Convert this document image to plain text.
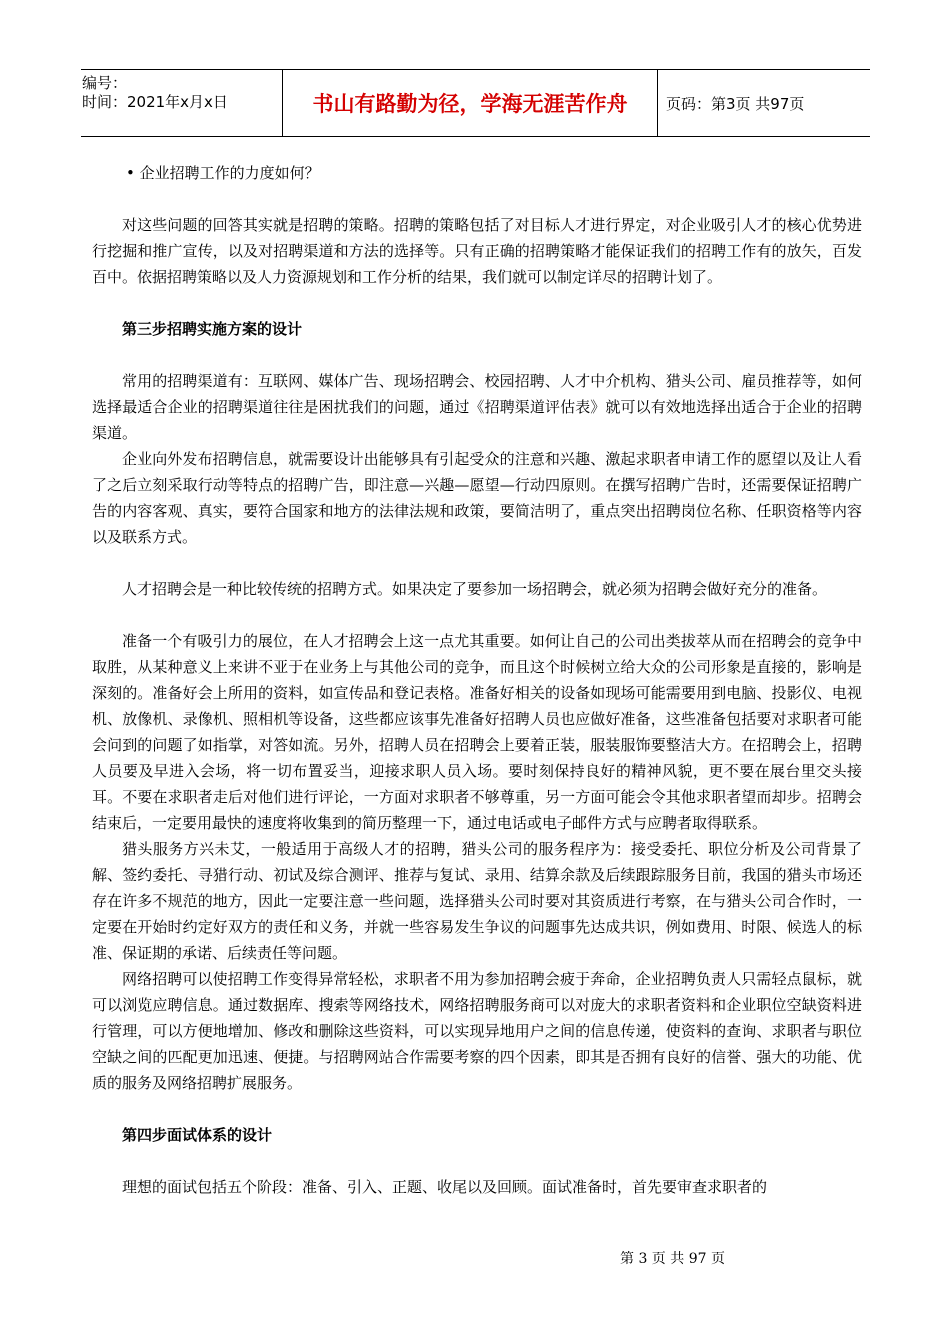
编号：
时间：2021年x月x日	书山有路勤为径，学海无涯苦作舟	页码：第3页 共97页

• 企业招聘工作的力度如何？

对这些问题的回答其实就是招聘的策略。招聘的策略包括了对目标人才进行界定，对企业吸引人才的核心优势进行挖掘和推广宣传，以及对招聘渠道和方法的选择等。只有正确的招聘策略才能保证我们的招聘工作有的放矢，百发百中。依据招聘策略以及人力资源规划和工作分析的结果，我们就可以制定详尽的招聘计划了。

第三步招聘实施方案的设计

常用的招聘渠道有：互联网、媒体广告、现场招聘会、校园招聘、人才中介机构、猎头公司、雇员推荐等，如何选择最适合企业的招聘渠道往往是困扰我们的问题，通过《招聘渠道评估表》就可以有效地选择出适合于企业的招聘渠道。

企业向外发布招聘信息，就需要设计出能够具有引起受众的注意和兴趣、激起求职者申请工作的愿望以及让人看了之后立刻采取行动等特点的招聘广告，即注意—兴趣—愿望—行动四原则。在撰写招聘广告时，还需要保证招聘广告的内容客观、真实，要符合国家和地方的法律法规和政策，要简洁明了，重点突出招聘岗位名称、任职资格等内容以及联系方式。

人才招聘会是一种比较传统的招聘方式。如果决定了要参加一场招聘会，就必须为招聘会做好充分的准备。

准备一个有吸引力的展位，在人才招聘会上这一点尤其重要。如何让自己的公司出类拔萃从而在招聘会的竞争中取胜，从某种意义上来讲不亚于在业务上与其他公司的竞争，而且这个时候树立给大众的公司形象是直接的，影响是深刻的。准备好会上所用的资料，如宣传品和登记表格。准备好相关的设备如现场可能需要用到电脑、投影仪、电视机、放像机、录像机、照相机等设备，这些都应该事先准备好招聘人员也应做好准备，这些准备包括要对求职者可能会问到的问题了如指掌，对答如流。另外，招聘人员在招聘会上要着正装，服装服饰要整洁大方。在招聘会上，招聘人员要及早进入会场，将一切布置妥当，迎接求职人员入场。要时刻保持良好的精神风貌，更不要在展台里交头接耳。不要在求职者走后对他们进行评论，一方面对求职者不够尊重，另一方面可能会令其他求职者望而却步。招聘会结束后，一定要用最快的速度将收集到的简历整理一下，通过电话或电子邮件方式与应聘者取得联系。

猎头服务方兴未艾，一般适用于高级人才的招聘，猎头公司的服务程序为：接受委托、职位分析及公司背景了解、签约委托、寻猎行动、初试及综合测评、推荐与复试、录用、结算余款及后续跟踪服务目前，我国的猎头市场还存在许多不规范的地方，因此一定要注意一些问题，选择猎头公司时要对其资质进行考察，在与猎头公司合作时，一定要在开始时约定好双方的责任和义务，并就一些容易发生争议的问题事先达成共识，例如费用、时限、候选人的标准、保证期的承诺、后续责任等问题。

网络招聘可以使招聘工作变得异常轻松，求职者不用为参加招聘会疲于奔命，企业招聘负责人只需轻点鼠标，就可以浏览应聘信息。通过数据库、搜索等网络技术，网络招聘服务商可以对庞大的求职者资料和企业职位空缺资料进行管理，可以方便地增加、修改和删除这些资料，可以实现异地用户之间的信息传递，使资料的查询、求职者与职位空缺之间的匹配更加迅速、便捷。与招聘网站合作需要考察的四个因素，即其是否拥有良好的信誉、强大的功能、优质的服务及网络招聘扩展服务。

第四步面试体系的设计

理想的面试包括五个阶段：准备、引入、正题、收尾以及回顾。面试准备时，首先要审查求职者的

第 3 页 共 97 页
